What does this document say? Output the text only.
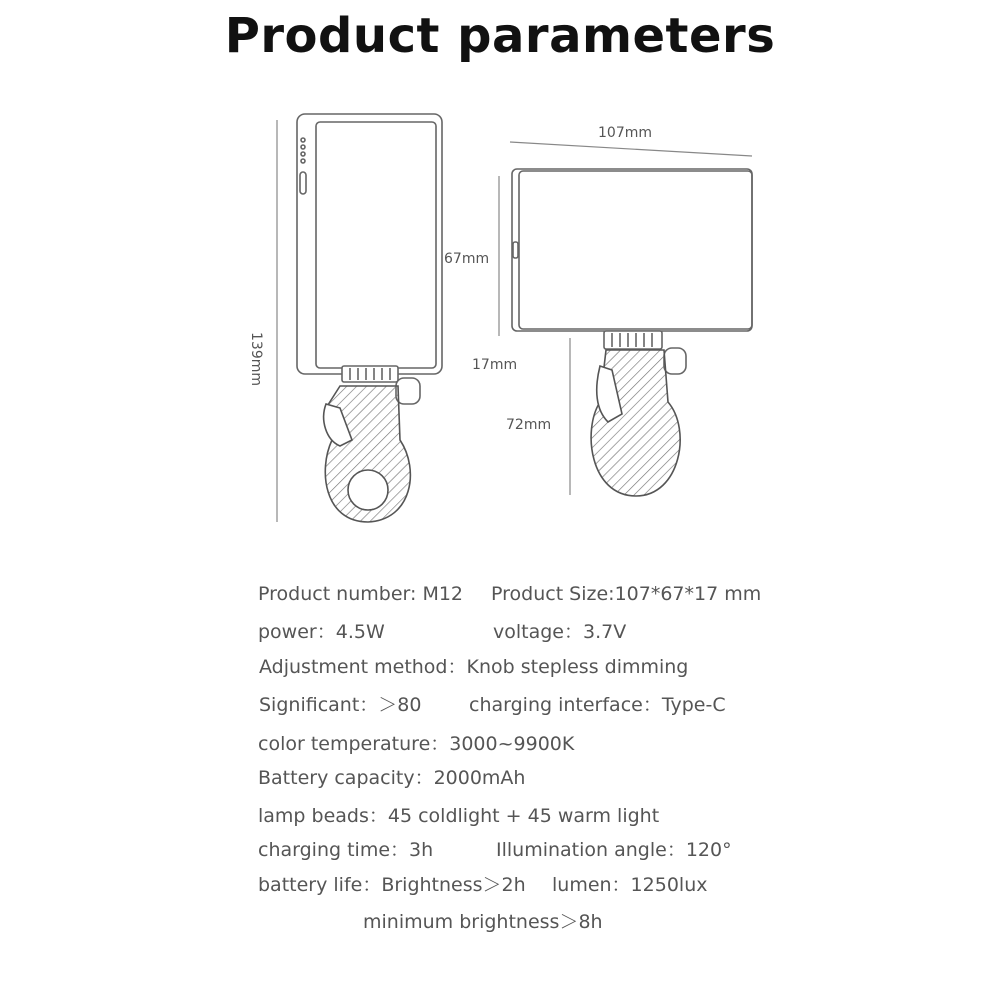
Product parameters
139mm
67mm
107mm
17mm
72mm
Product number: M12 Product Size:107*67*17 mm
power：4.5W	voltage：3.7V
Adjustment method：Knob stepless dimming
Significant：＞80	charging interface：Type-C
color temperature：3000~9900K
Battery capacity：2000mAh
lamp beads：45 coldlight + 45 warm light
charging time：3h	Illumination angle：120°
battery life：Brightness＞2h lumen：1250lux
minimum brightness＞8h
